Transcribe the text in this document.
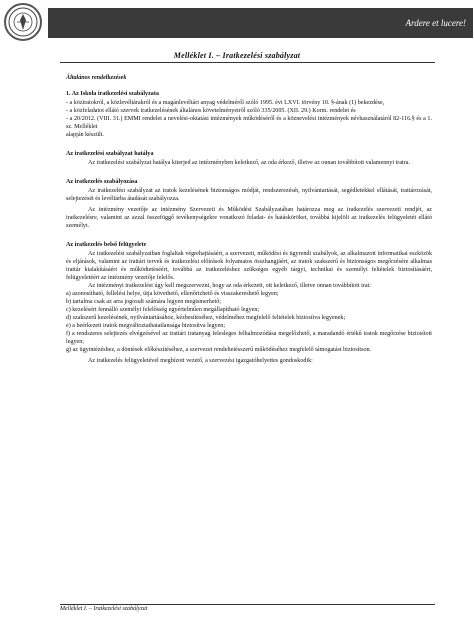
Ardere et lucere!
Melléklet I. – Iratkezelési szabályzat

Általános rendelkezések

1. Az Iskola iratkezelési szabályzata

- a köziratokról, a közlevéltárakról és a magánlevéltári anyag védelméről szóló 1995. évi LXVI. törvény 10. §-ának (1) bekezdése,

- a közfeladatot ellátó szervek iratkezelésének általános követelményeiről szóló 335/2005. (XII. 29.) Korm. rendelet és

- a 20/2012. (VIII. 31.) EMMI rendelet a nevelési-oktatási intézmények működéséről és a köznevelési intézmények névhasználatáról 82-116.§ és a 1. sz. Melléklet

alapján készült.

Az iratkezelési szabályzat hatálya

Az iratkezelési szabályzat hatálya kiterjed az intézményben keletkező, az oda érkező, illetve az onnan továbbított valamennyi iratra.

Az iratkezelés szabályozása

Az iratkezelési szabályzat az iratok kezelésének biztonságos módját, rendszerezését, nyilvántartását, segédletekkel ellátását, irattározását, selejtezését és levéltárba átadását szabályozza.

Az intézmény vezetője az intézmény Szervezeti és Működési Szabályzatában határozza meg az iratkezelés szervezeti rendjét, az iratkezelésre, valamint az azzal összefüggő tevékenységekre vonatkozó feladat- és hatásköröket, továbbá kijelöli az iratkezelés felügyeletét ellátó személyt.

Az iratkezelés belső felügyelete

Az iratkezelési szabályzatban foglaltak végrehajtásáért, a szervezeti, működési és ügyrendi szabályok, az alkalmazott informatikai eszközök és eljárások, valamint az irattári tervek és iratkezelési előírások folyamatos összhangjáért, az iratok szakszerű és biztonságos megőrzésére alkalmas irattár kialakításáért és működtetéséért, továbbá az iratkezeléshez szükséges egyéb tárgyi, technikai és személyi feltételek biztosításáért, felügyeletéért az intézmény vezetője felelős.

Az intézményi iratkezelést úgy kell megszervezni, hogy az oda érkezett, ott keletkező, illetve onnan továbbított irat:

a) azonosítható, fellelési helye, útja követhető, ellenőrizhető és visszakereshető legyen;

b) tartalma csak az arra jogosult számára legyen megismerhető;

c) kezelésért fennálló személyi felelősség egyértelműen megállapítható legyen;

d) szakszerű kezelésének, nyilvántartásához, kézbesítéséhez, védelméhez megfelelő feltételek biztosítva legyenek;

e) a beérkezett iratok megváltoztathatatlansága biztosítva legyen;

f) a rendszeres selejtezés elvégzésével az irattári iratanyag felesleges felhalmozódása megelőzhető, a maradandó értékű iratok megőrzése biztosított legyen;

g) az ügyintézéshez, a döntések előkészítéséhez, a szervezet rendeltetésszerű működéséhez megfelelő támogatást biztosítson.

Az iratkezelés felügyeletével megbízott vezető, a szervezési igazgatóhelyettes gondoskodik:

Melléklet I. – Iratkezelési szabályzat
